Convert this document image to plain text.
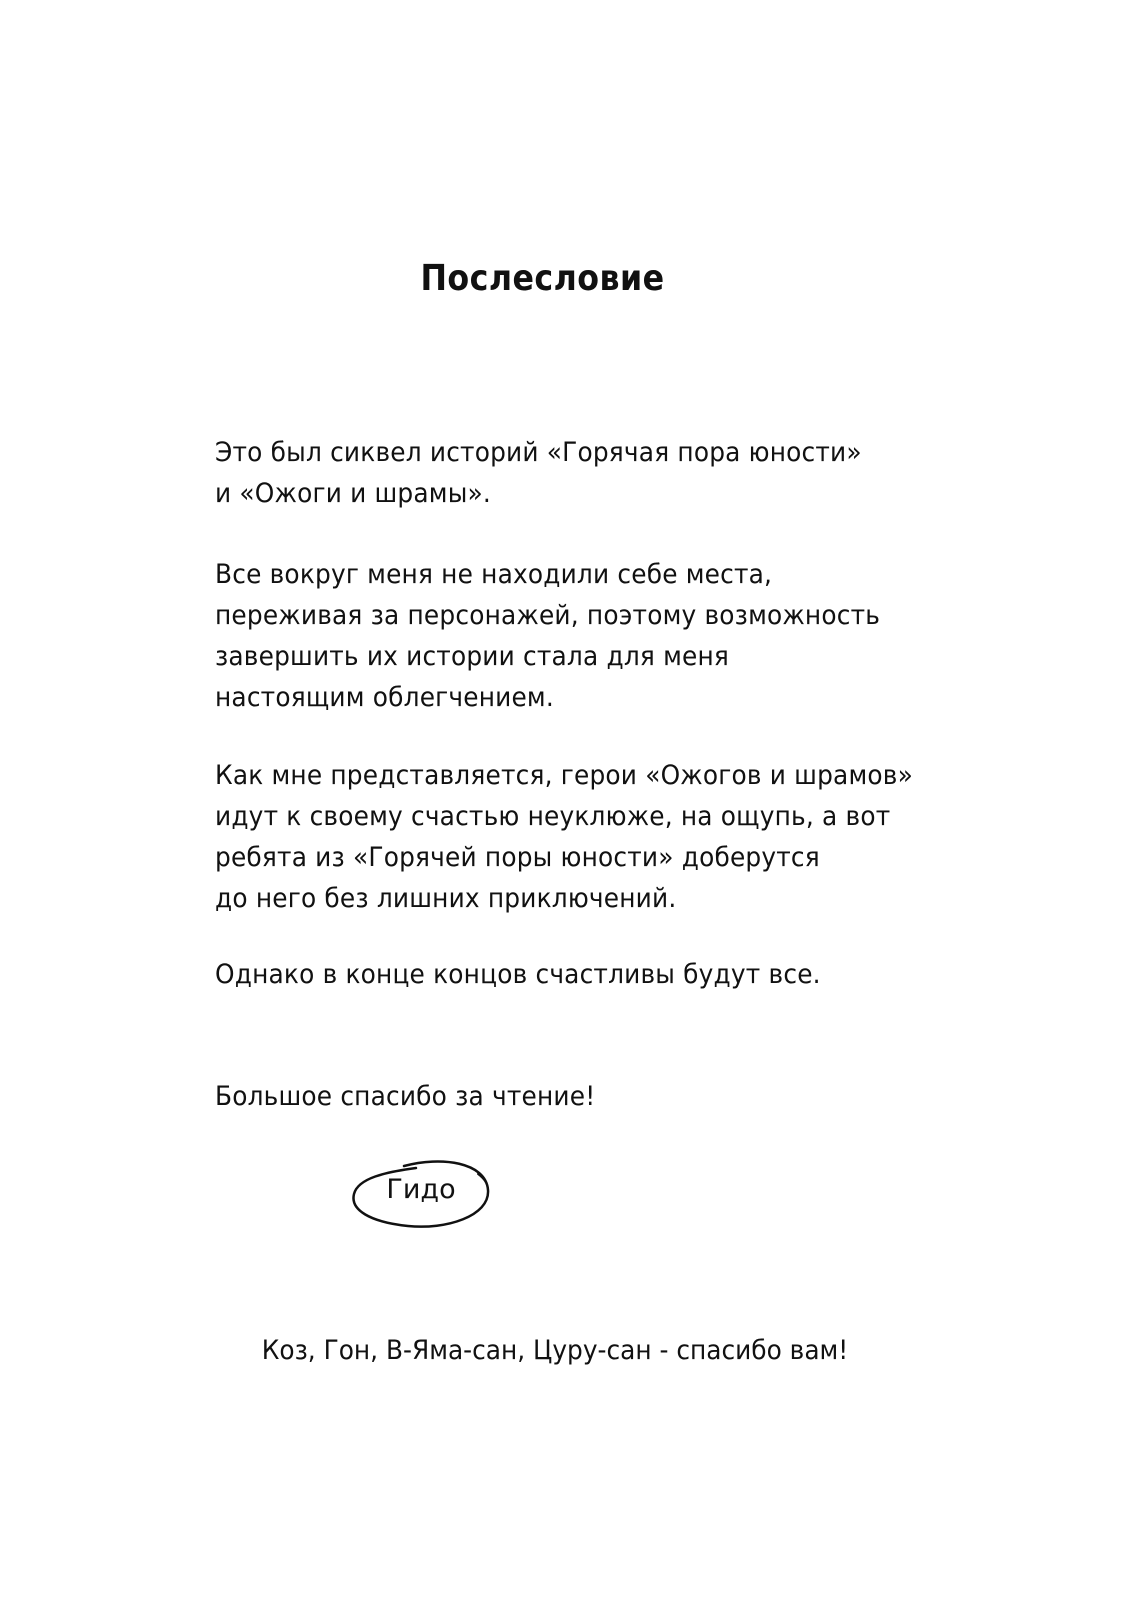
Послесловие
Это был сиквел историй «Горячая пора юности»
и «Ожоги и шрамы».
Все вокруг меня не находили себе места,
переживая за персонажей, поэтому возможность
завершить их истории стала для меня
настоящим облегчением.
Как мне представляется, герои «Ожогов и шрамов»
идут к своему счастью неуклюже, на ощупь, а вот
ребята из «Горячей поры юности» доберутся
до него без лишних приключений.
Однако в конце концов счастливы будут все.
Большое спасибо за чтение!
Гидо
Коз, Гон, В-Яма-сан, Цуру-сан - спасибо вам!
